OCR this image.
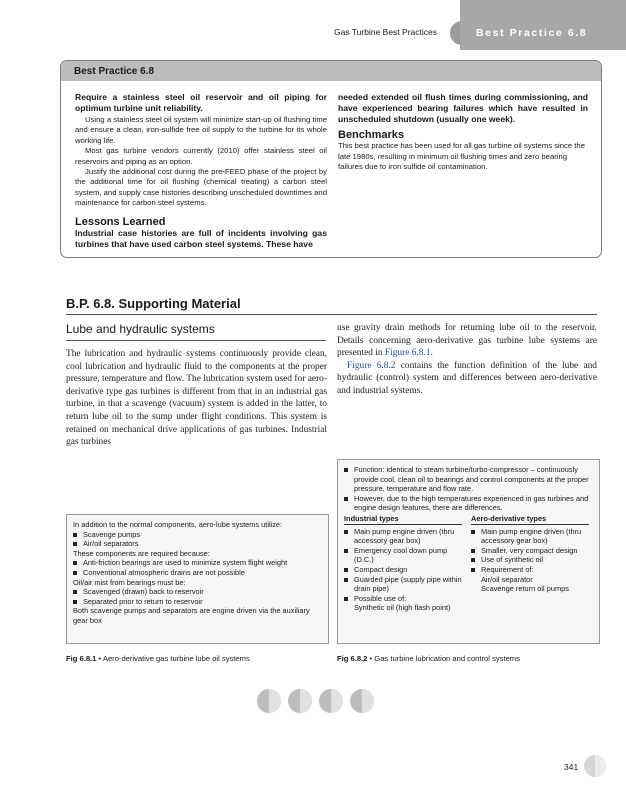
Gas Turbine Best Practices	Best Practice 6.8
Best Practice 6.8

Require a stainless steel oil reservoir and oil piping for optimum turbine unit reliability.

Using a stainless steel oil system will minimize start-up oil flushing time and ensure a clean, iron-sulfide free oil supply to the turbine for its whole working life.

Most gas turbine vendors currently (2010) offer stainless steel oil reservoirs and piping as an option.

Justify the additional cost during the pre-FEED phase of the project by the additional time for oil flushing (chemical treating) a carbon steel system, and supply case histories describing unscheduled downtimes and maintenance for carbon steel systems.

Lessons Learned

Industrial case histories are full of incidents involving gas turbines that have used carbon steel systems. These have

needed extended oil flush times during commissioning, and have experienced bearing failures which have resulted in unscheduled shutdown (usually one week).

Benchmarks

This best practice has been used for all gas turbine oil systems since the late 1980s, resulting in minimum oil flushing times and zero bearing failures due to iron sulfide oil contamination.

B.P. 6.8. Supporting Material
Lube and hydraulic systems

The lubrication and hydraulic systems continuously provide clean, cool lubrication and hydraulic fluid to the components at the proper pressure, temperature and flow. The lubrication system used for aero-derivative type gas turbines is different from that in an industrial gas turbine, in that a scavenge (vacuum) system is added in the latter, to return lube oil to the sump under flight conditions. This system is retained on mechanical drive applications of gas turbines. Industrial gas turbines

use gravity drain methods for returning lube oil to the reservoir. Details concerning aero-derivative gas turbine lube systems are presented in Figure 6.8.1.

Figure 6.8.2 contains the function definition of the lube and hydraulic (control) system and differences between aero-derivative and industrial systems.

In addition to the normal components, aero-lube systems utilize:

Scavenge pumps

Air/oil separators

These components are required because:

Anti-friction bearings are used to minimize system flight weight

Conventional atmospheric drains are not possible

Oil/air mist from bearings must be:

Scavenged (drawn) back to reservoir

Separated prior to return to reservoir

Both scavenge pumps and separators are engine driven via the auxiliary gear box

Function: identical to steam turbine/turbo-compressor – continuously provide cool, clean oil to bearings and control components at the proper pressure, temperature and flow rate.

However, due to the high temperatures experienced in gas turbines and engine design features, there are differences.

Industrial types

Main pump engine driven (thru accessory gear box)

Emergency cool down pump (D.C.)

Compact design

Guarded pipe (supply pipe within drain pipe)

Possible use of:

Synthetic oil (high flash point)

Aero-derivative types

Main pump engine driven (thru accessory gear box)

Smaller, very compact design

Use of synthetic oil

Requirement of:

Air/oil separator

Scavenge return oil pumps

Fig 6.8.1 • Aero-derivative gas turbine lube oil systems	Fig 6.8.2 • Gas turbine lubrication and control systems
341
